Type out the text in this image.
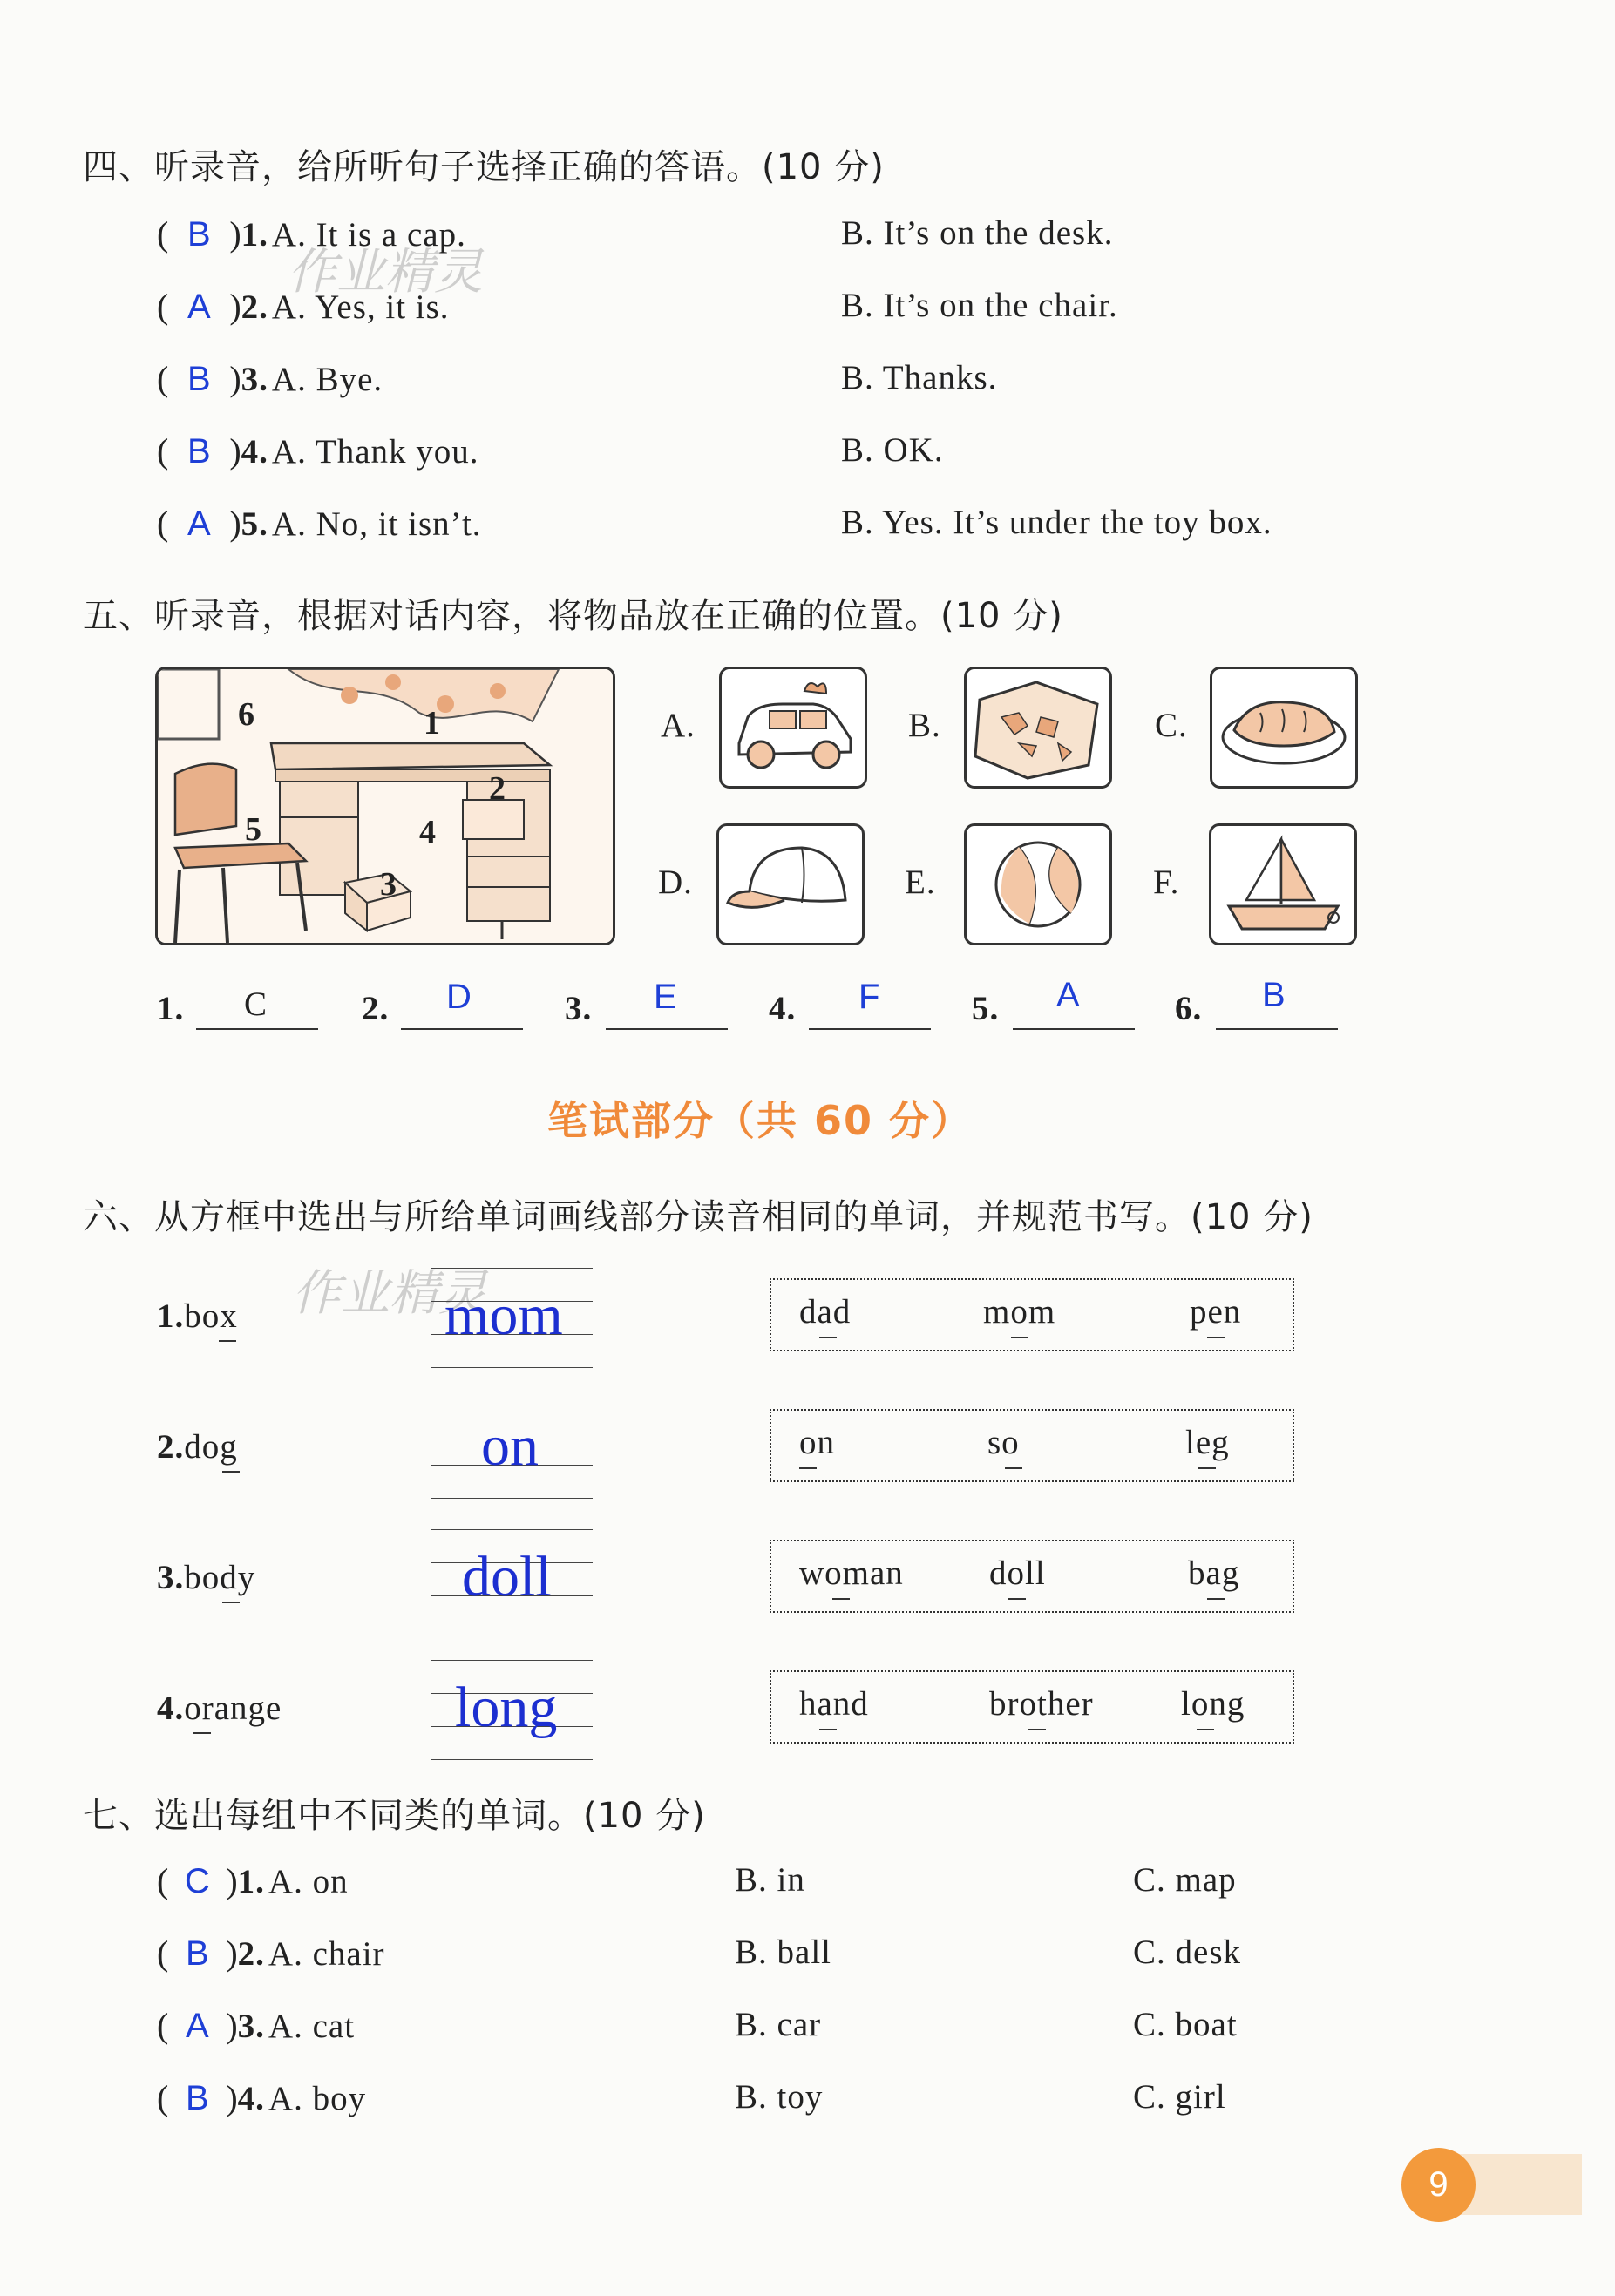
四、听录音，给所听句子选择正确的答语。(10 分)
( B )1. A. It is a cap.	B. It’s on the desk.
( A )2. A. Yes, it is.	B. It’s on the chair.
( B )3. A. Bye.	B. Thanks.
( B )4. A. Thank you.	B. OK.
( A )5. A. No, it isn’t.	B. Yes. It’s under the toy box.
作业精灵
五、听录音，根据对话内容，将物品放在正确的位置。(10 分)
6	1
2
5	4
3
A.	B.	C.
D.	E.	F.
1. C	2. D	3. E	4. F	5. A	6. B
笔试部分（共 60 分）
六、从方框中选出与所给单词画线部分读音相同的单词，并规范书写。(10 分)
作业精灵
1.box	mom	dad	mom	pen
2.dog	on	on	so	leg
3.body	doll	woman	doll	bag
4.orange	long	hand	brother	long
七、选出每组中不同类的单词。(10 分)
( C )1. A. on	B. in	C. map
( B )2. A. chair	B. ball	C. desk
( A )3. A. cat	B. car	C. boat
( B )4. A. boy	B. toy	C. girl
9
